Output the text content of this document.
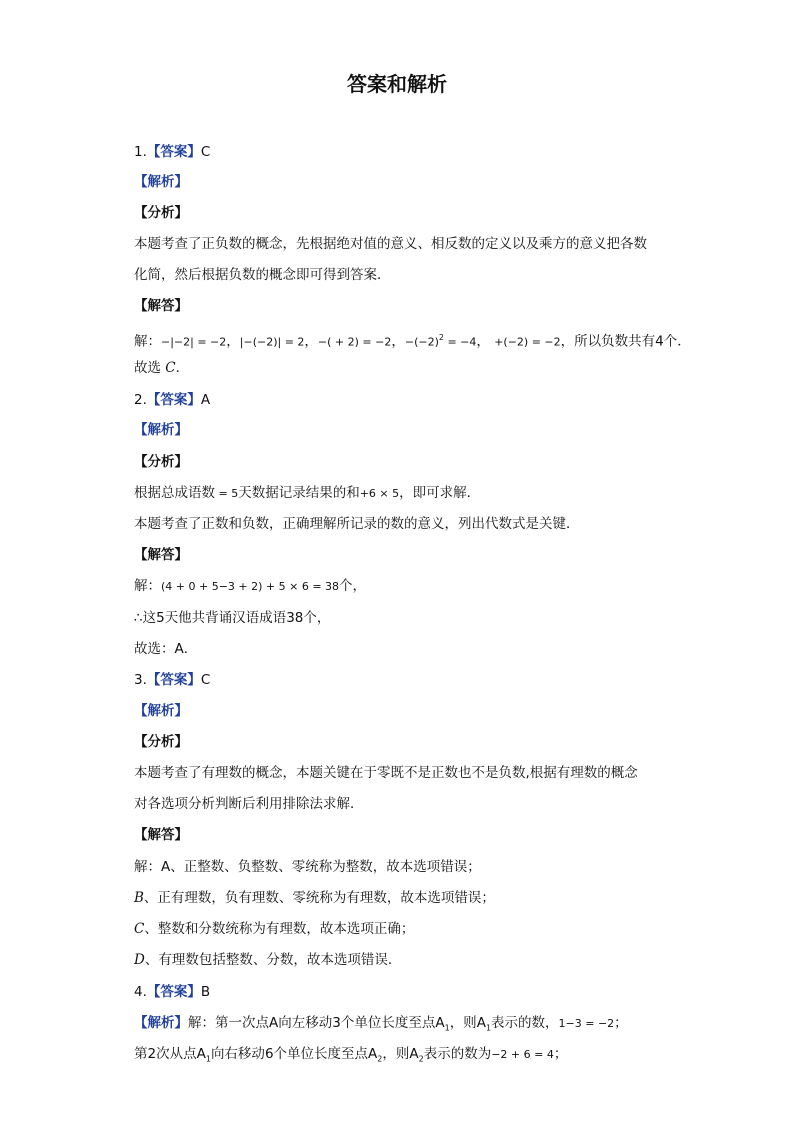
答案和解析
1.【答案】C
【解析】
【分析】
本题考查了正负数的概念，先根据绝对值的意义、相反数的定义以及乘方的意义把各数
化简，然后根据负数的概念即可得到答案．
【解答】
解：−|−2| = −2，|−(−2)| = 2，−( + 2) = −2，$-(-2)^2 = -4$， +(−2) = −2，所以负数共有4个．
故选 C．
2.【答案】A
【解析】
【分析】
根据总成语数 = 5天数据记录结果的和+6 × 5，即可求解．
本题考查了正数和负数，正确理解所记录的数的意义，列出代数式是关键．
【解答】
解：(4 + 0 + 5−3 + 2) + 5 × 6 = 38个，
∴这5天他共背诵汉语成语38个，
故选：A．
3.【答案】C
【解析】
【分析】
本题考查了有理数的概念，本题关键在于零既不是正数也不是负数,根据有理数的概念
对各选项分析判断后利用排除法求解．
【解答】
解：A、正整数、负整数、零统称为整数，故本选项错误；
B、正有理数，负有理数、零统称为有理数，故本选项错误；
C、整数和分数统称为有理数，故本选项正确；
D、有理数包括整数、分数，故本选项错误．
4.【答案】B
【解析】解：第一次点A向左移动3个单位长度至点$A_1$，则$A_1$表示的数，1−3 = −2；
第2次从点$A_1$向右移动6个单位长度至点$A_2$，则$A_2$表示的数为−2 + 6 = 4；
